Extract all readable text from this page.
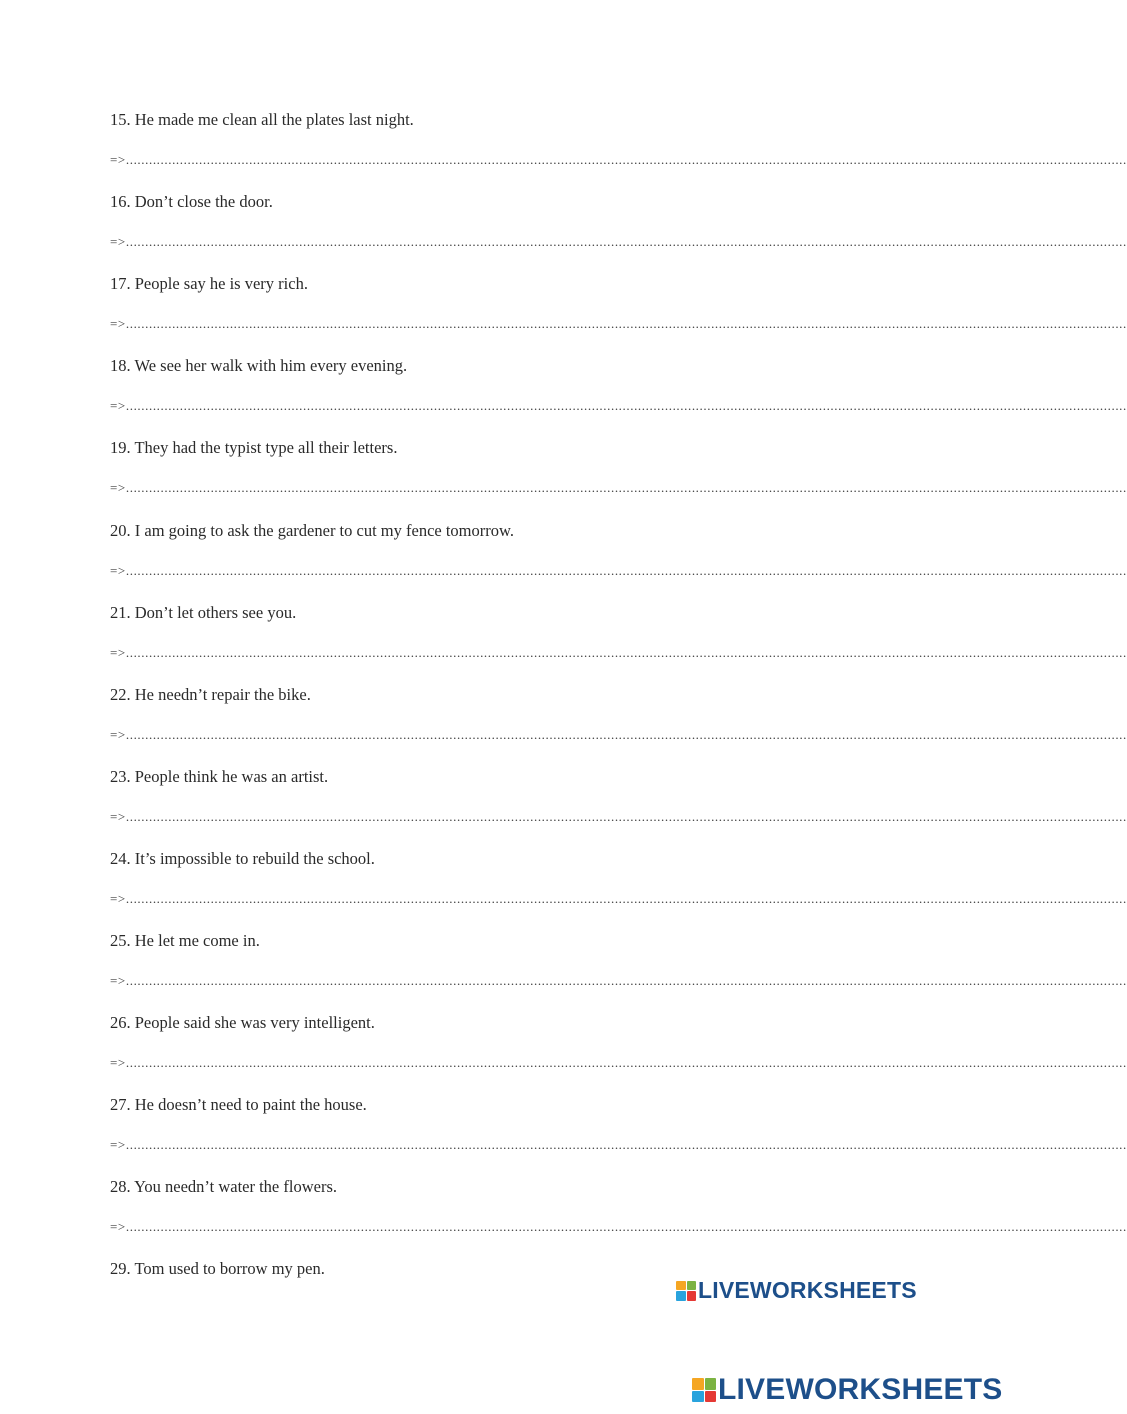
15. He made me clean all the plates last night.
=>....................................................................................................................................................................................................................................................................
16. Don’t close the door.
=>....................................................................................................................................................................................................................................................................
17. People say he is very rich.
=>....................................................................................................................................................................................................................................................................
18. We see her walk with him every evening.
=>....................................................................................................................................................................................................................................................................
19. They had the typist type all their letters.
=>....................................................................................................................................................................................................................................................................
20. I am going to ask the gardener to cut my fence tomorrow.
=>....................................................................................................................................................................................................................................................................
21. Don’t let others see you.
=>....................................................................................................................................................................................................................................................................
22. He needn’t repair the bike.
=>....................................................................................................................................................................................................................................................................
23. People think he was an artist.
=>....................................................................................................................................................................................................................................................................
24. It’s impossible to rebuild the school.
=>....................................................................................................................................................................................................................................................................
25. He let me come in.
=>....................................................................................................................................................................................................................................................................
26. People said she was very intelligent.
=>....................................................................................................................................................................................................................................................................
27. He doesn’t need to paint the house.
=>....................................................................................................................................................................................................................................................................
28. You needn’t water the flowers.
=>....................................................................................................................................................................................................................................................................
29. Tom used to borrow my pen.
LIVEWORKSHEETS
LIVEWORKSHEETS
